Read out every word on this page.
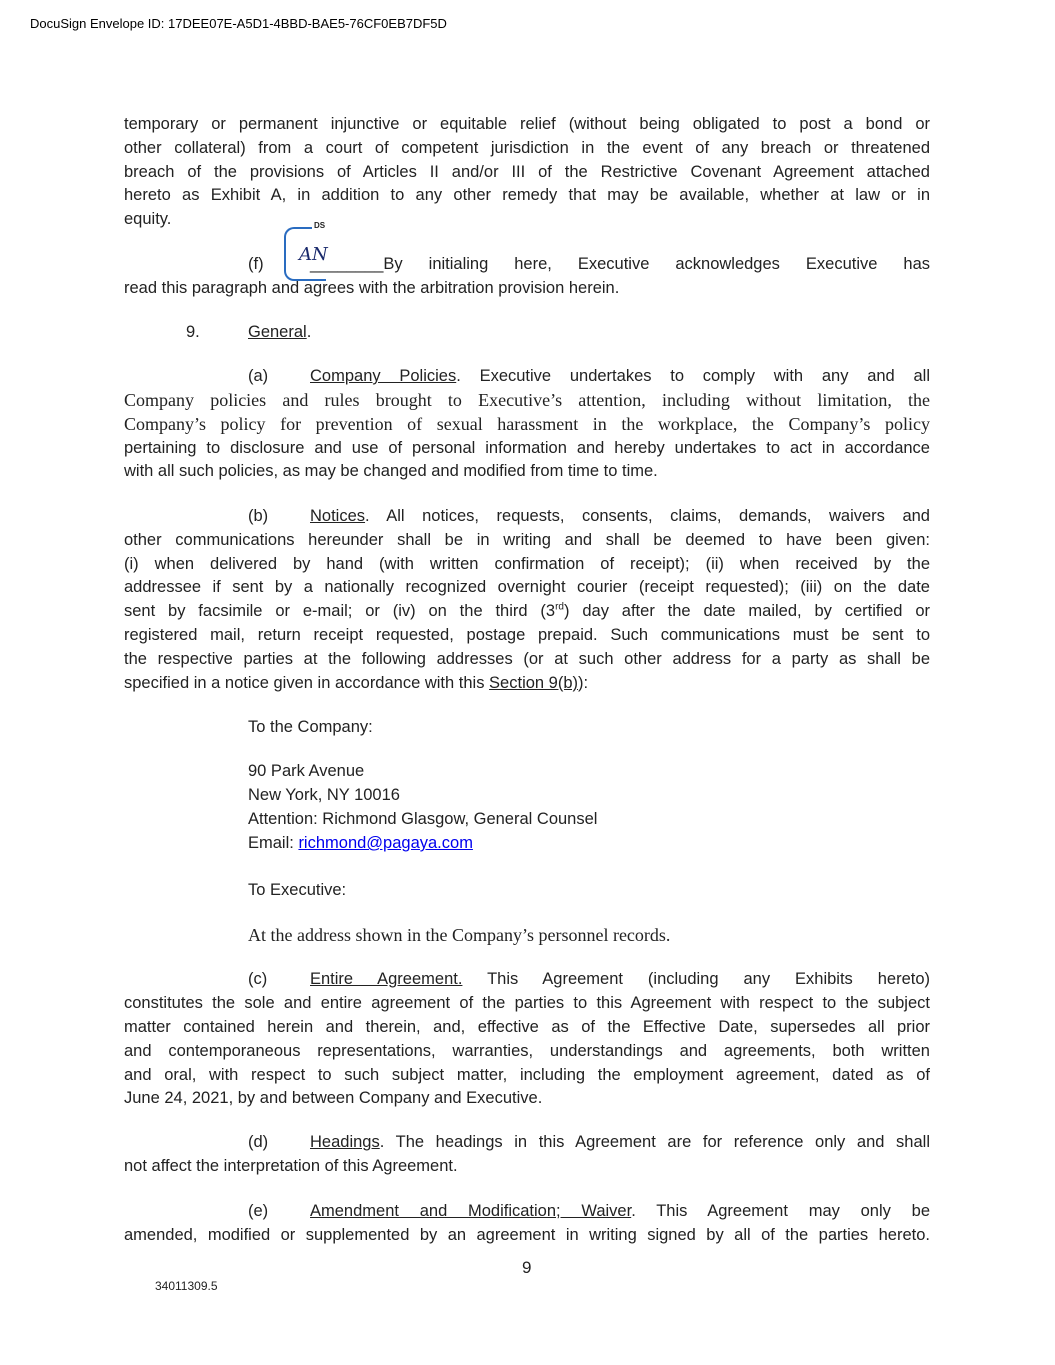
DocuSign Envelope ID: 17DEE07E-A5D1-4BBD-BAE5-76CF0EB7DF5D
temporary or permanent injunctive or equitable relief (without being obligated to post a bond or
other collateral) from a court of competent jurisdiction in the event of any breach or threatened
breach of the provisions of Articles II and/or III of the Restrictive Covenant Agreement attached
hereto as Exhibit A, in addition to any other remedy that may be available, whether at law or in
equity.	DS
AN
(f)	________By initialing here, Executive acknowledges Executive has
read this paragraph and agrees with the arbitration provision herein.
9.	General.
(a)	Company Policies. Executive undertakes to comply with any and all
Company policies and rules brought to Executive’s attention, including without limitation, the
Company’s policy for prevention of sexual harassment in the workplace, the Company’s policy
pertaining to disclosure and use of personal information and hereby undertakes to act in accordance
with all such policies, as may be changed and modified from time to time.
(b)	Notices. All notices, requests, consents, claims, demands, waivers and
other communications hereunder shall be in writing and shall be deemed to have been given:
(i) when delivered by hand (with written confirmation of receipt); (ii) when received by the
addressee if sent by a nationally recognized overnight courier (receipt requested); (iii) on the date
sent by facsimile or e-mail; or (iv) on the third (3rd) day after the date mailed, by certified or
registered mail, return receipt requested, postage prepaid. Such communications must be sent to
the respective parties at the following addresses (or at such other address for a party as shall be
specified in a notice given in accordance with this Section 9(b)):
To the Company:
90 Park Avenue
New York, NY 10016
Attention: Richmond Glasgow, General Counsel
Email: richmond@pagaya.com
To Executive:
At the address shown in the Company’s personnel records.
(c)	Entire Agreement. This Agreement (including any Exhibits hereto)
constitutes the sole and entire agreement of the parties to this Agreement with respect to the subject
matter contained herein and therein, and, effective as of the Effective Date, supersedes all prior
and contemporaneous representations, warranties, understandings and agreements, both written
and oral, with respect to such subject matter, including the employment agreement, dated as of
June 24, 2021, by and between Company and Executive.
(d)	Headings. The headings in this Agreement are for reference only and shall
not affect the interpretation of this Agreement.
(e)	Amendment and Modification; Waiver. This Agreement may only be
amended, modified or supplemented by an agreement in writing signed by all of the parties hereto.
9
34011309.5
